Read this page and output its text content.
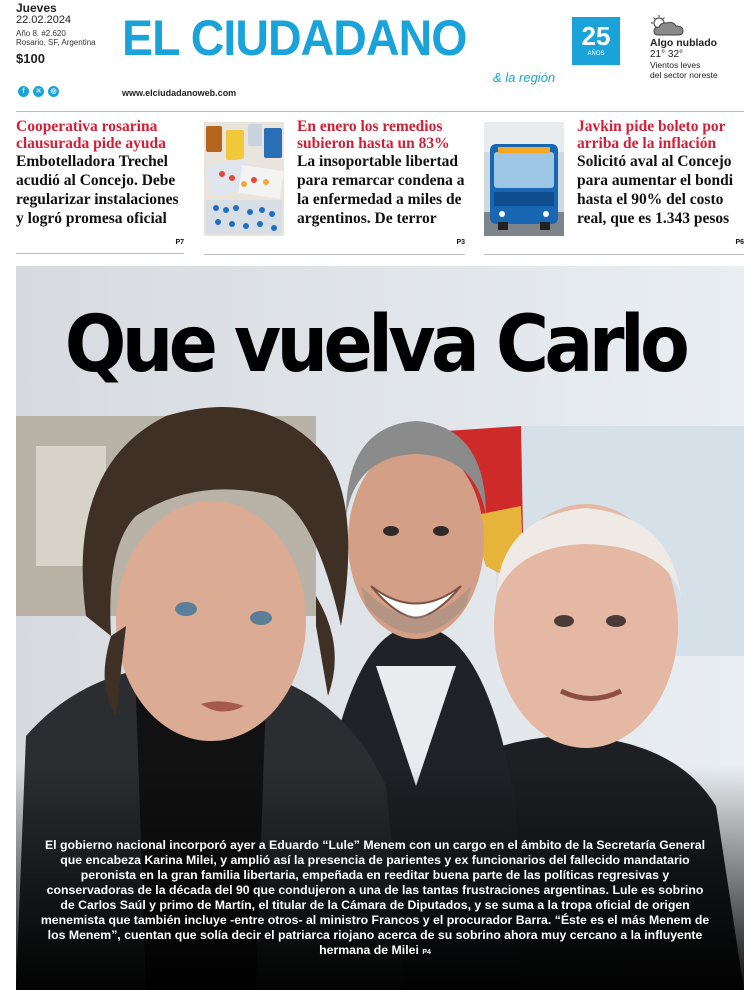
Jueves
22.02.2024
Año 8. #2.620
Rosario, SF, Argentina
$100
f	✕	◎
EL CIUDADANO	25
AÑOS
& la región
www.elciudadanoweb.com
Algo nublado
21° 32°
Vientos leves
del sector noreste
Cooperativa rosarina clausurada pide ayuda
Embotelladora Trechel acudió al Concejo. Debe regularizar instalaciones y logró promesa oficial
P7
En enero los remedios subieron hasta un 83%
La insoportable libertad para remarcar condena a la enfermedad a miles de argentinos. De terror
P3
Javkin pide boleto por arriba de la inflación
Solicitó aval al Concejo para aumentar el bondi hasta el 90% del costo real, que es 1.343 pesos
P6
Que vuelva Carlo
El gobierno nacional incorporó ayer a Eduardo “Lule” Menem con un cargo en el ámbito de la Secretaría General que encabeza Karina Milei, y amplió así la presencia de parientes y ex funcionarios del fallecido mandatario peronista en la gran familia libertaria, empeñada en reeditar buena parte de las políticas regresivas y conservadoras de la década del 90 que condujeron a una de las tantas frustraciones argentinas. Lule es sobrino de Carlos Saúl y primo de Martín, el titular de la Cámara de Diputados, y se suma a la tropa oficial de origen menemista que también incluye -entre otros- al ministro Francos y el procurador Barra. “Éste es el más Menem de los Menem”, cuentan que solía decir el patriarca riojano acerca de su sobrino ahora muy cercano a la influyente hermana de Milei P4
